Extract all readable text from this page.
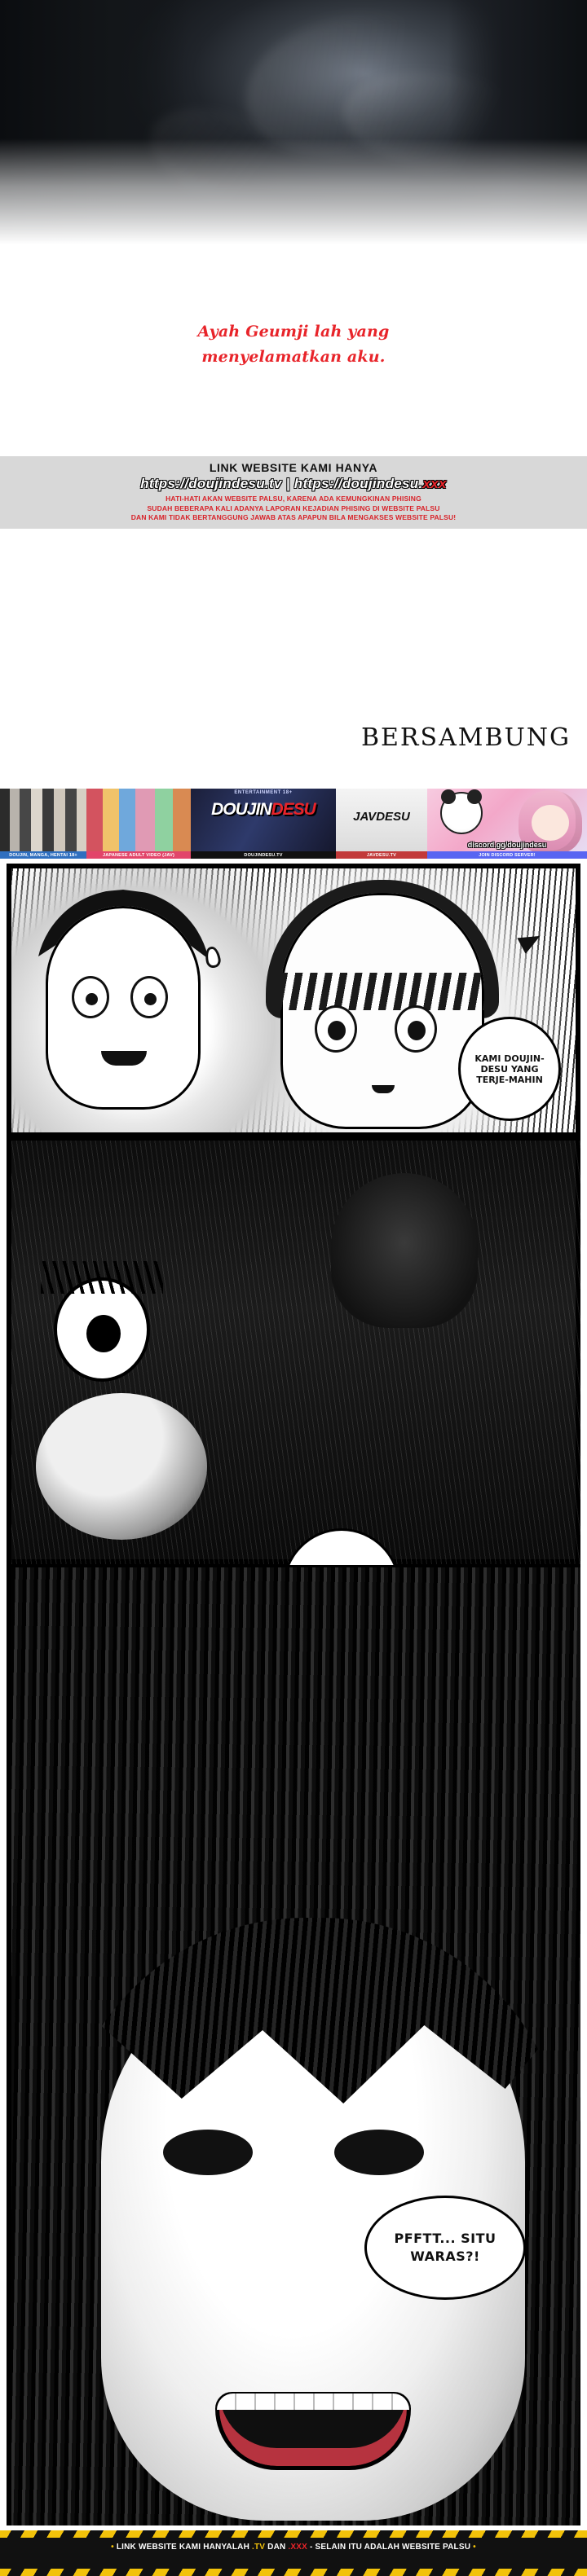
Ayah Geumji lah yang
menyelamatkan aku.
LINK WEBSITE KAMI HANYA
https://doujindesu.tv | https://doujindesu.xxx
HATI-HATI AKAN WEBSITE PALSU, KARENA ADA KEMUNGKINAN PHISING
SUDAH BEBERAPA KALI ADANYA LAPORAN KEJADIAN PHISING DI WEBSITE PALSU
DAN KAMI TIDAK BERTANGGUNG JAWAB ATAS APAPUN BILA MENGAKSES WEBSITE PALSU!
BERSAMBUNG
DOUJIN, MANGA, HENTAI 18+	JAPANESE ADULT VIDEO (JAV)
ENTERTAINMENT 18+
DOUJINDESU
DOUJINDESU.TV
JAVDESU
JAVDESU.TV
discord.gg/doujindesu
JOIN DISCORD SERVER!
KAMI DOUJIN-DESU YANG TERJE-MAHIN
PFFTT... SITU WARAS?!
• LINK WEBSITE KAMI HANYALAH .TV DAN .XXX - SELAIN ITU ADALAH WEBSITE PALSU •
